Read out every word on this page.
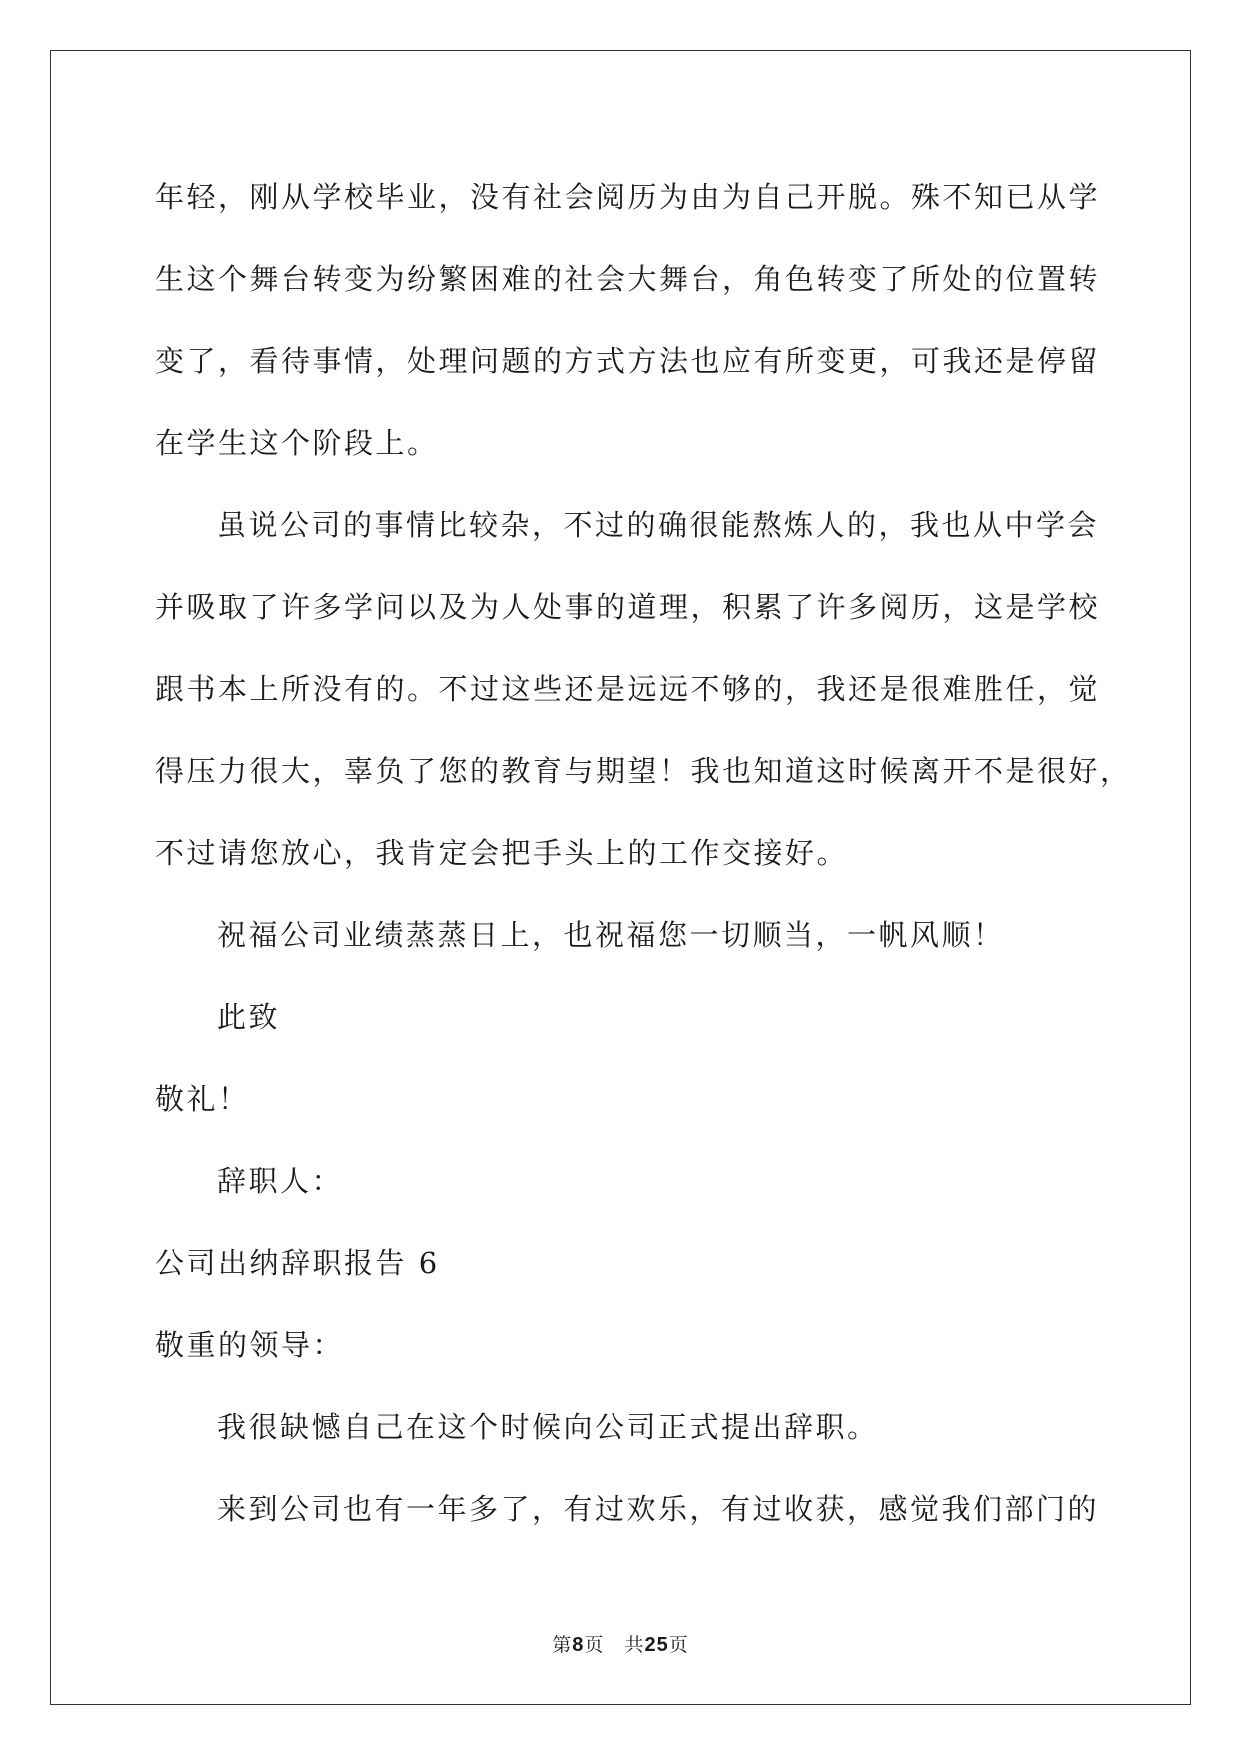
年轻，刚从学校毕业，没有社会阅历为由为自己开脱。殊不知已从学
生这个舞台转变为纷繁困难的社会大舞台，角色转变了所处的位置转
变了，看待事情，处理问题的方式方法也应有所变更，可我还是停留
在学生这个阶段上。
虽说公司的事情比较杂，不过的确很能熬炼人的，我也从中学会
并吸取了许多学问以及为人处事的道理，积累了许多阅历，这是学校
跟书本上所没有的。不过这些还是远远不够的，我还是很难胜任，觉
得压力很大，辜负了您的教育与期望！我也知道这时候离开不是很好，
不过请您放心，我肯定会把手头上的工作交接好。
祝福公司业绩蒸蒸日上，也祝福您一切顺当，一帆风顺！
此致
敬礼！
辞职人：
公司出纳辞职报告 6
敬重的领导：
我很缺憾自己在这个时候向公司正式提出辞职。
来到公司也有一年多了，有过欢乐，有过收获，感觉我们部门的
第8页 共25页
